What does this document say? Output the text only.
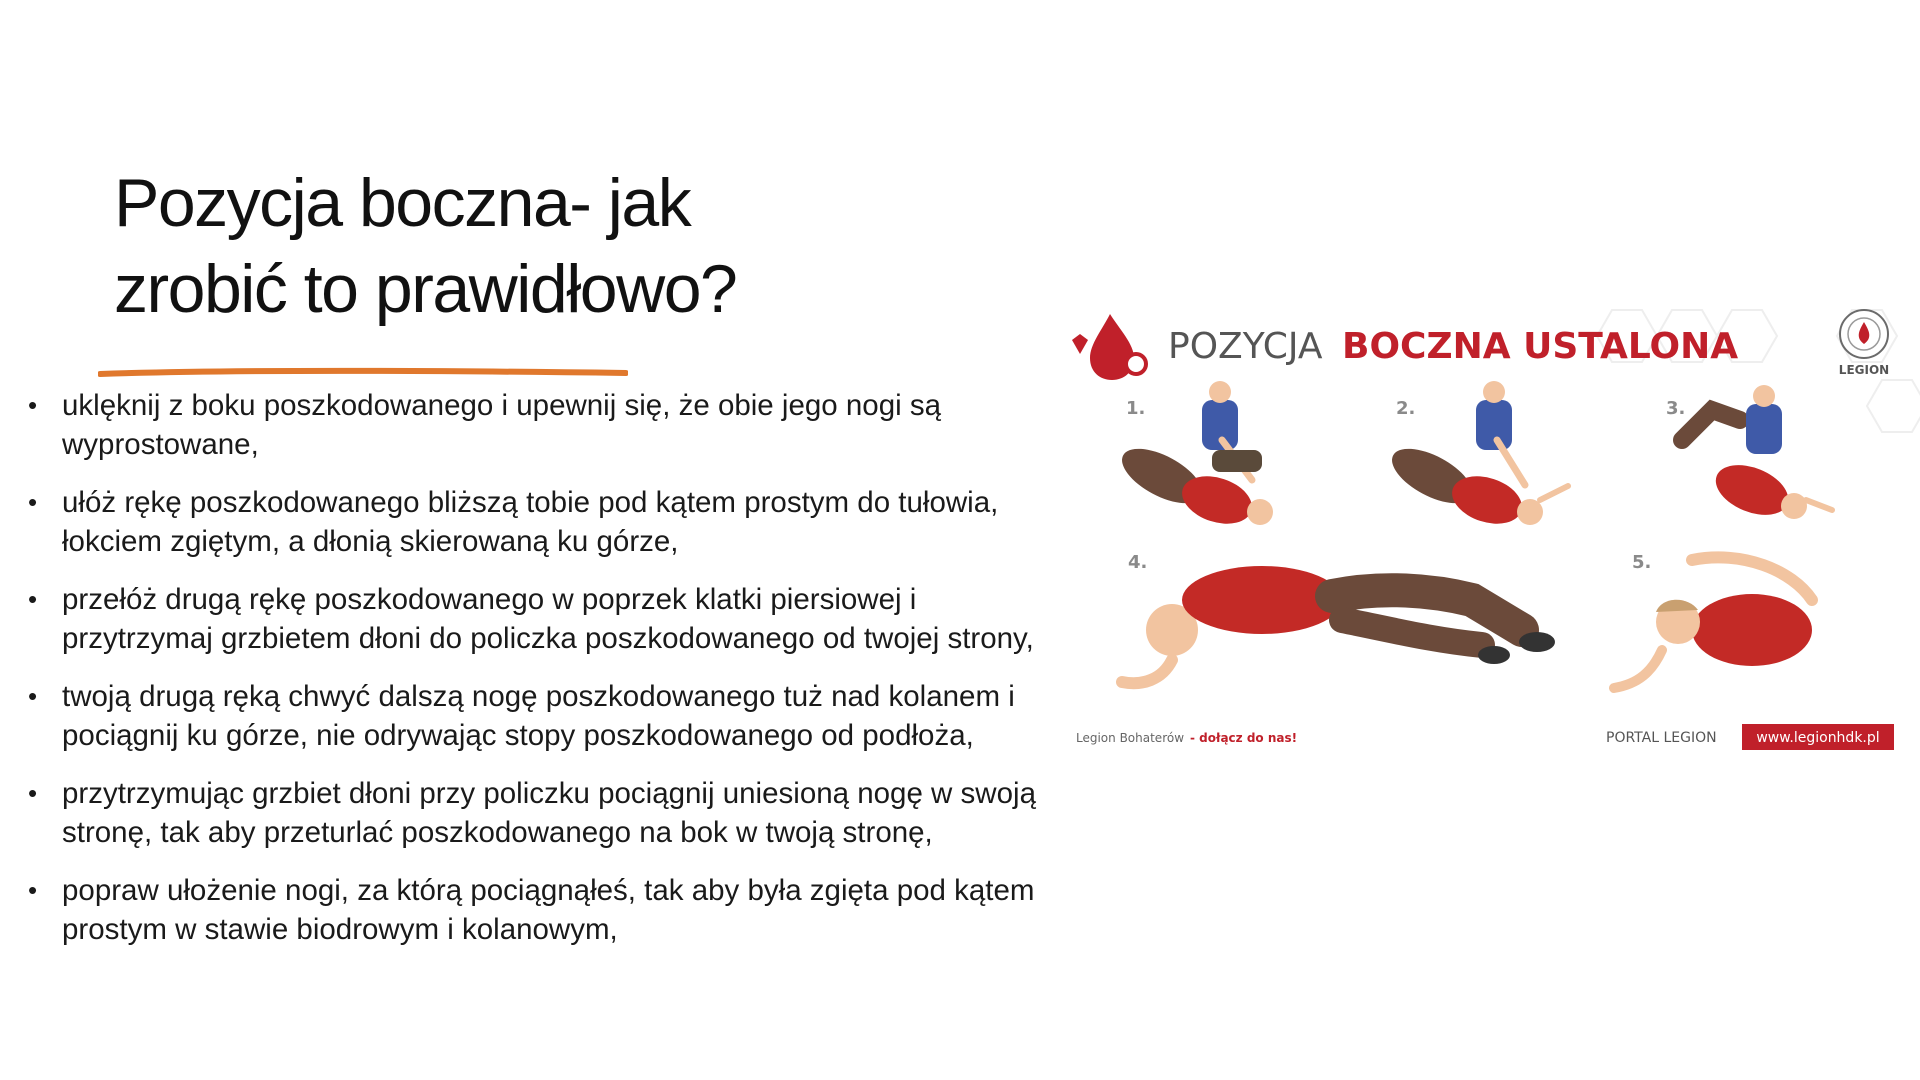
Pozycja boczna- jak
zrobić to prawidłowo?
• uklęknij z boku poszkodowanego i upewnij się, że obie jego nogi są wyprostowane,
• ułóż rękę poszkodowanego bliższą tobie pod kątem prostym do tułowia, łokciem zgiętym, a dłonią skierowaną ku górze,
• przełóż drugą rękę poszkodowanego w poprzek klatki piersiowej i przytrzymaj grzbietem dłoni do policzka poszkodowanego od twojej strony,
• twoją drugą ręką chwyć dalszą nogę poszkodowanego tuż nad kolanem i pociągnij ku górze, nie odrywając stopy poszkodowanego od podłoża,
• przytrzymując grzbiet dłoni przy policzku pociągnij uniesioną nogę w swoją stronę, tak aby przeturlać poszkodowanego na bok w twoją stronę,
• popraw ułożenie nogi, za którą pociągnąłeś, tak aby była zgięta pod kątem prostym w stawie biodrowym i kolanowym,
POZYCJA BOCZNA USTALONA
LEGION
1.	2.	3.
4.	5.
Legion Bohaterów - dołącz do nas!	PORTAL LEGION	www.legionhdk.pl
